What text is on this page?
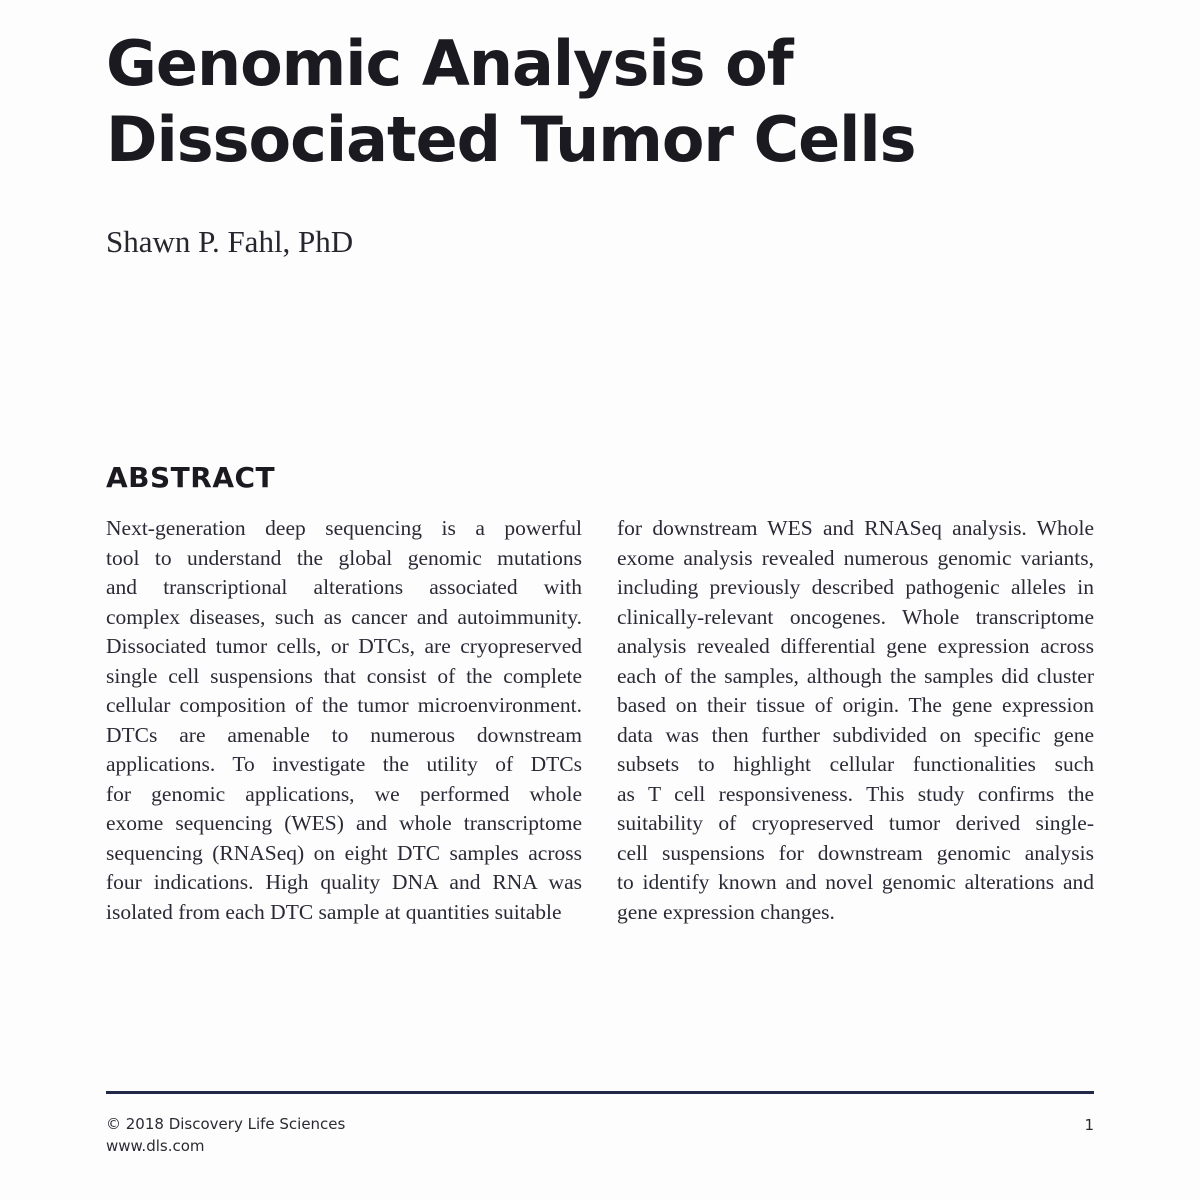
Genomic Analysis of
Dissociated Tumor Cells

Shawn P. Fahl, PhD

ABSTRACT
Next-generation deep sequencing is a powerful
tool to understand the global genomic mutations
and transcriptional alterations associated with
complex diseases, such as cancer and autoimmunity.
Dissociated tumor cells, or DTCs, are cryopreserved
single cell suspensions that consist of the complete
cellular composition of the tumor microenvironment.
DTCs are amenable to numerous downstream
applications. To investigate the utility of DTCs
for genomic applications, we performed whole
exome sequencing (WES) and whole transcriptome
sequencing (RNASeq) on eight DTC samples across
four indications. High quality DNA and RNA was
isolated from each DTC sample at quantities suitable
for downstream WES and RNASeq analysis. Whole
exome analysis revealed numerous genomic variants,
including previously described pathogenic alleles in
clinically-relevant oncogenes. Whole transcriptome
analysis revealed differential gene expression across
each of the samples, although the samples did cluster
based on their tissue of origin. The gene expression
data was then further subdivided on specific gene
subsets to highlight cellular functionalities such
as T cell responsiveness. This study confirms the
suitability of cryopreserved tumor derived single-
cell suspensions for downstream genomic analysis
to identify known and novel genomic alterations and
gene expression changes.
© 2018 Discovery Life Sciences
www.dls.com
1
